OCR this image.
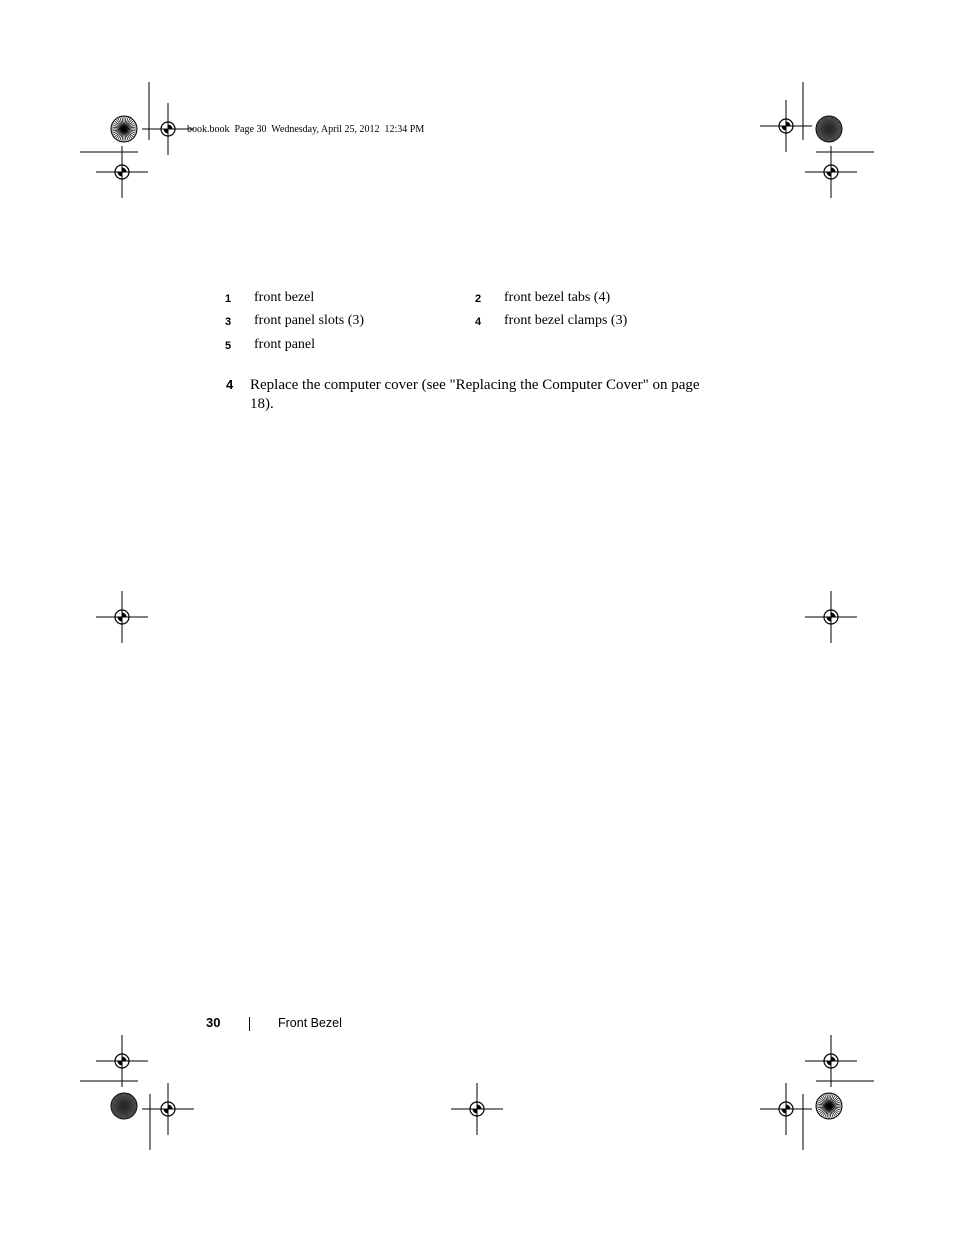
book.book  Page 30  Wednesday, April 25, 2012  12:34 PM
1 front bezel	2 front bezel tabs (4)
3 front panel slots (3)	4 front bezel clamps (3)
5 front panel
4 Replace the computer cover (see "Replacing the Computer Cover" on page 18).
30	Front Bezel
